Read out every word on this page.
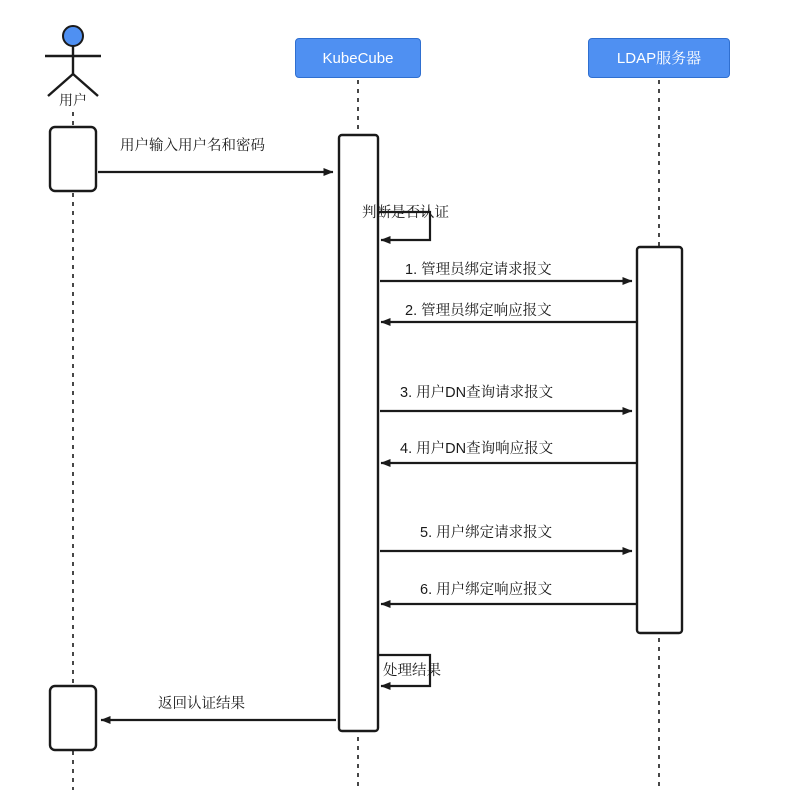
KubeCube	LDAP服务器
用户
用户输入用户名和密码
判断是否认证
1. 管理员绑定请求报文
2. 管理员绑定响应报文
3. 用户DN查询请求报文
4. 用户DN查询响应报文
5. 用户绑定请求报文
6. 用户绑定响应报文
处理结果
返回认证结果
